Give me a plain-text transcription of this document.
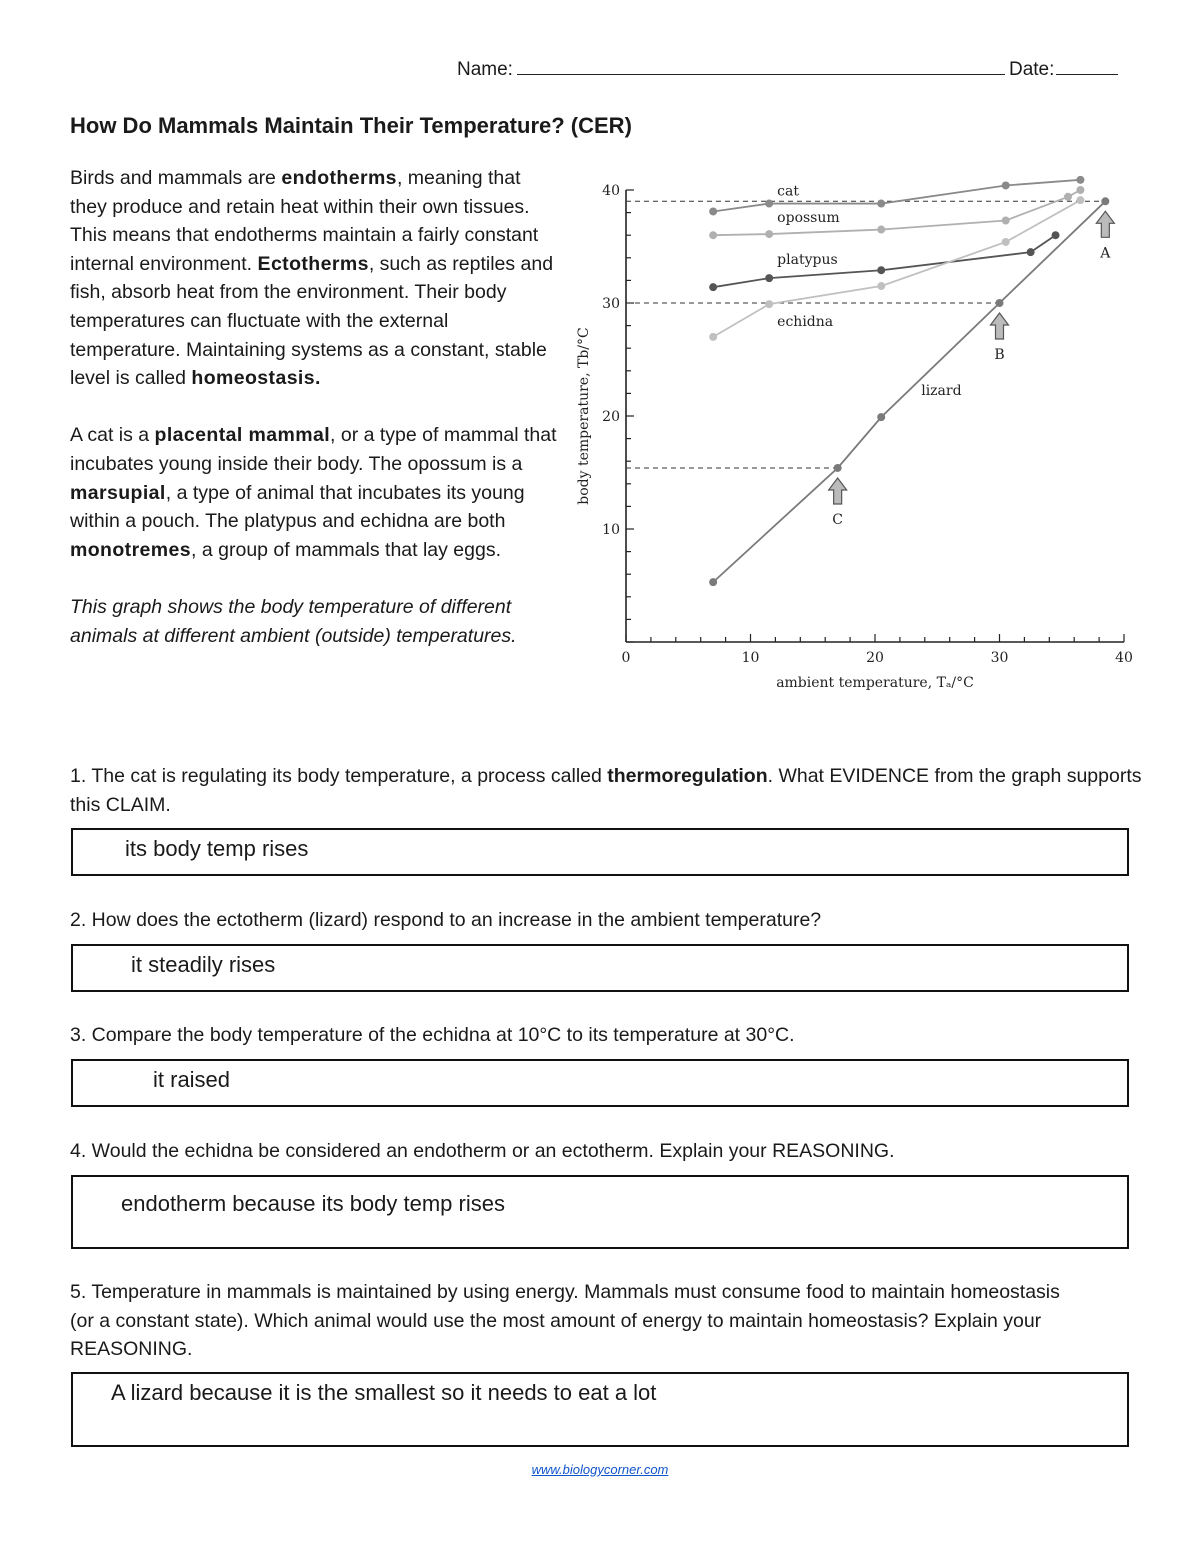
Name:	Date:
How Do Mammals Maintain Their Temperature? (CER)

Birds and mammals are endotherms, meaning that they produce and retain heat within their own tissues. This means that endotherms maintain a fairly constant internal environment. Ectotherms, such as reptiles and fish, absorb heat from the environment. Their body temperatures can fluctuate with the external temperature. Maintaining systems as a constant, stable level is called homeostasis.

A cat is a placental mammal, or a type of mammal that incubates young inside their body. The opossum is a marsupial, a type of animal that incubates its young within a pouch. The platypus and echidna are both monotremes, a group of mammals that lay eggs.

This graph shows the body temperature of different animals at different ambient (outside) temperatures.

0	10	20	30	40
10
20
30
40
ambient temperature, Tₐ/°C
body temperature, Tb/°C
cat
opossum
platypus
echidna
lizard
A
B
C
1. The cat is regulating its body temperature, a process called thermoregulation. What EVIDENCE from the graph supports this CLAIM.
its body temp rises
2. How does the ectotherm (lizard) respond to an increase in the ambient temperature?
it steadily rises
3. Compare the body temperature of the echidna at 10°C to its temperature at 30°C.
it raised
4. Would the echidna be considered an endotherm or an ectotherm. Explain your REASONING.
endotherm because its body temp rises
5. Temperature in mammals is maintained by using energy. Mammals must consume food to maintain homeostasis (or a constant state). Which animal would use the most amount of energy to maintain homeostasis? Explain your REASONING.
A lizard because it is the smallest so it needs to eat a lot
www.biologycorner.com
